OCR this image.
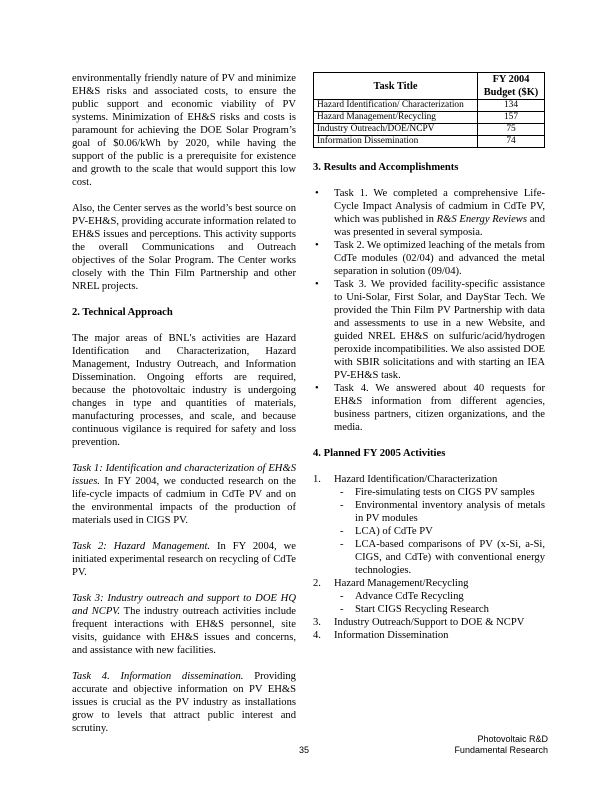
environmentally friendly nature of PV and minimize EH&S risks and associated costs, to ensure the public support and economic viability of PV systems. Minimization of EH&S risks and costs is paramount for achieving the DOE Solar Program’s goal of $0.06/kWh by 2020, while having the support of the public is a prerequisite for existence and growth to the scale that would support this low cost.

Also, the Center serves as the world’s best source on PV-EH&S, providing accurate information related to EH&S issues and perceptions. This activity supports the overall Communications and Outreach objectives of the Solar Program. The Center works closely with the Thin Film Partnership and other NREL projects.

2. Technical Approach

The major areas of BNL's activities are Hazard Identification and Characterization, Hazard Management, Industry Outreach, and Information Dissemination. Ongoing efforts are required, because the photovoltaic industry is undergoing changes in type and quantities of materials, manufacturing processes, and scale, and because continuous vigilance is required for safety and loss prevention.

Task 1: Identification and characterization of EH&S issues. In FY 2004, we conducted research on the life-cycle impacts of cadmium in CdTe PV and on the environmental impacts of the production of materials used in CIGS PV.

Task 2: Hazard Management. In FY 2004, we initiated experimental research on recycling of CdTe PV.

Task 3: Industry outreach and support to DOE HQ and NCPV. The industry outreach activities include frequent interactions with EH&S personnel, site visits, guidance with EH&S issues and concerns, and assistance with new facilities.

Task 4. Information dissemination. Providing accurate and objective information on PV EH&S issues is crucial as the PV industry as installations grow to levels that attract public interest and scrutiny.

Task Title	FY 2004 Budget ($K)
Hazard Identification/ Characterization	134
Hazard Management/Recycling	157
Industry Outreach/DOE/NCPV	75
Information Dissemination	74
3. Results and Accomplishments
• Task 1. We completed a comprehensive Life-Cycle Impact Analysis of cadmium in CdTe PV, which was published in R&S Energy Reviews and was presented in several symposia.
• Task 2. We optimized leaching of the metals from CdTe modules (02/04) and advanced the metal separation in solution (09/04).
• Task 3. We provided facility-specific assistance to Uni-Solar, First Solar, and DayStar Tech. We provided the Thin Film PV Partnership with data and assessments to use in a new Website, and guided NREL EH&S on sulfuric/acid/hydrogen peroxide incompatibilities. We also assisted DOE with SBIR solicitations and with starting an IEA PV-EH&S task.
• Task 4. We answered about 40 requests for EH&S information from different agencies, business partners, citizen organizations, and the media.
4. Planned FY 2005 Activities
1. Hazard Identification/Characterization
- Fire-simulating tests on CIGS PV samples
- Environmental inventory analysis of metals in PV modules
- LCA) of CdTe PV
- LCA-based comparisons of PV (x-Si, a-Si, CIGS, and CdTe) with conventional energy technologies.
2. Hazard Management/Recycling
- Advance CdTe Recycling
- Start CIGS Recycling Research
3. Industry Outreach/Support to DOE & NCPV
4. Information Dissemination
35
Photovoltaic R&D
Fundamental Research
